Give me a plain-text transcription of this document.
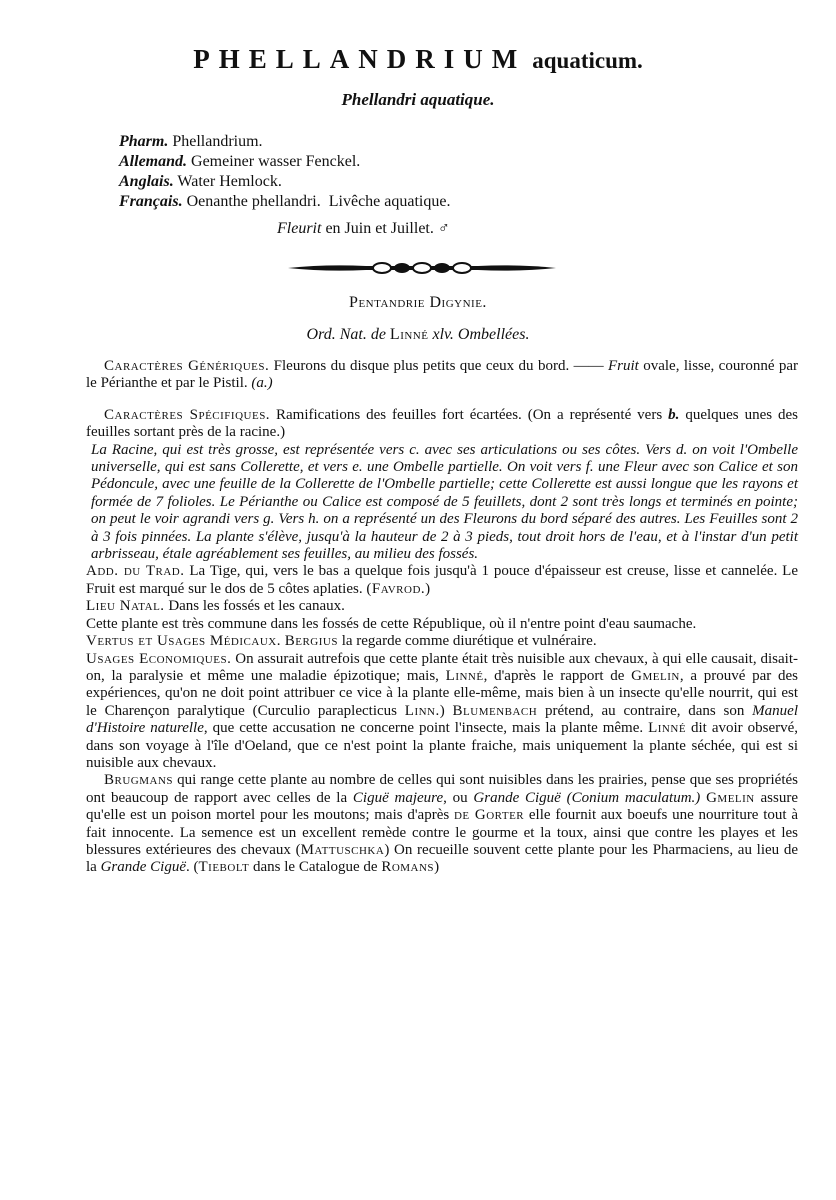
PHELLANDRIUM aquaticum.
Phellandri aquatique.
Pharm. Phellandrium.
Allemand. Gemeiner wasser Fenckel.
Anglais. Water Hemlock.
Français. Oenanthe phellandri.  Livêche aquatique.
Fleurit en Juin et Juillet. ♂
Pentandrie Digynie.
Ord. Nat. de Linné xlv. Ombellées.

Caractères Génériques. Fleurons du disque plus petits que ceux du bord. —— Fruit ovale, lisse, couronné par le Périanthe et par le Pistil. (a.)

Caractères Spécifiques. Ramifications des feuilles fort écartées. (On a représenté vers b. quelques unes des feuilles sortant près de la racine.)

La Racine, qui est très grosse, est représentée vers c. avec ses articulations ou ses côtes. Vers d. on voit l'Ombelle universelle, qui est sans Collerette, et vers e. une Ombelle partielle. On voit vers f. une Fleur avec son Calice et son Pédoncule, avec une feuille de la Collerette de l'Ombelle partielle; cette Collerette est aussi longue que les rayons et formée de 7 folioles. Le Périanthe ou Calice est composé de 5 feuillets, dont 2 sont très longs et terminés en pointe; on peut le voir agrandi vers g. Vers h. on a représenté un des Fleurons du bord séparé des autres. Les Feuilles sont 2 à 3 fois pinnées. La plante s'élève, jusqu'à la hauteur de 2 à 3 pieds, tout droit hors de l'eau, et à l'instar d'un petit arbrisseau, étale agréablement ses feuilles, au milieu des fossés.

Add. du Trad. La Tige, qui, vers le bas a quelque fois jusqu'à 1 pouce d'épaisseur est creuse, lisse et cannelée. Le Fruit est marqué sur le dos de 5 côtes aplaties. (Favrod.)

Lieu Natal. Dans les fossés et les canaux.

Cette plante est très commune dans les fossés de cette République, où il n'entre point d'eau saumache.

Vertus et Usages Médicaux. Bergius la regarde comme diurétique et vulnéraire.

Usages Economiques. On assurait autrefois que cette plante était très nuisible aux chevaux, à qui elle causait, disait-on, la paralysie et même une maladie épizotique; mais, Linné, d'après le rapport de Gmelin, a prouvé par des expériences, qu'on ne doit point attribuer ce vice à la plante elle-même, mais bien à un insecte qu'elle nourrit, qui est le Charençon paralytique (Curculio paraplecticus Linn.) Blumenbach prétend, au contraire, dans son Manuel d'Histoire naturelle, que cette accusation ne concerne point l'insecte, mais la plante même. Linné dit avoir observé, dans son voyage à l'île d'Oeland, que ce n'est point la plante fraiche, mais uniquement la plante séchée, qui est si nuisible aux chevaux.

Brugmans qui range cette plante au nombre de celles qui sont nuisibles dans les prairies, pense que ses propriétés ont beaucoup de rapport avec celles de la Ciguë majeure, ou Grande Ciguë (Conium maculatum.) Gmelin assure qu'elle est un poison mortel pour les moutons; mais d'après de Gorter elle fournit aux boeufs une nourriture tout à fait innocente. La semence est un excellent remède contre le gourme et la toux, ainsi que contre les playes et les blessures extérieures des chevaux (Mattuschka) On recueille souvent cette plante pour les Pharmaciens, au lieu de la Grande Ciguë. (Tiebolt dans le Catalogue de Romans)
